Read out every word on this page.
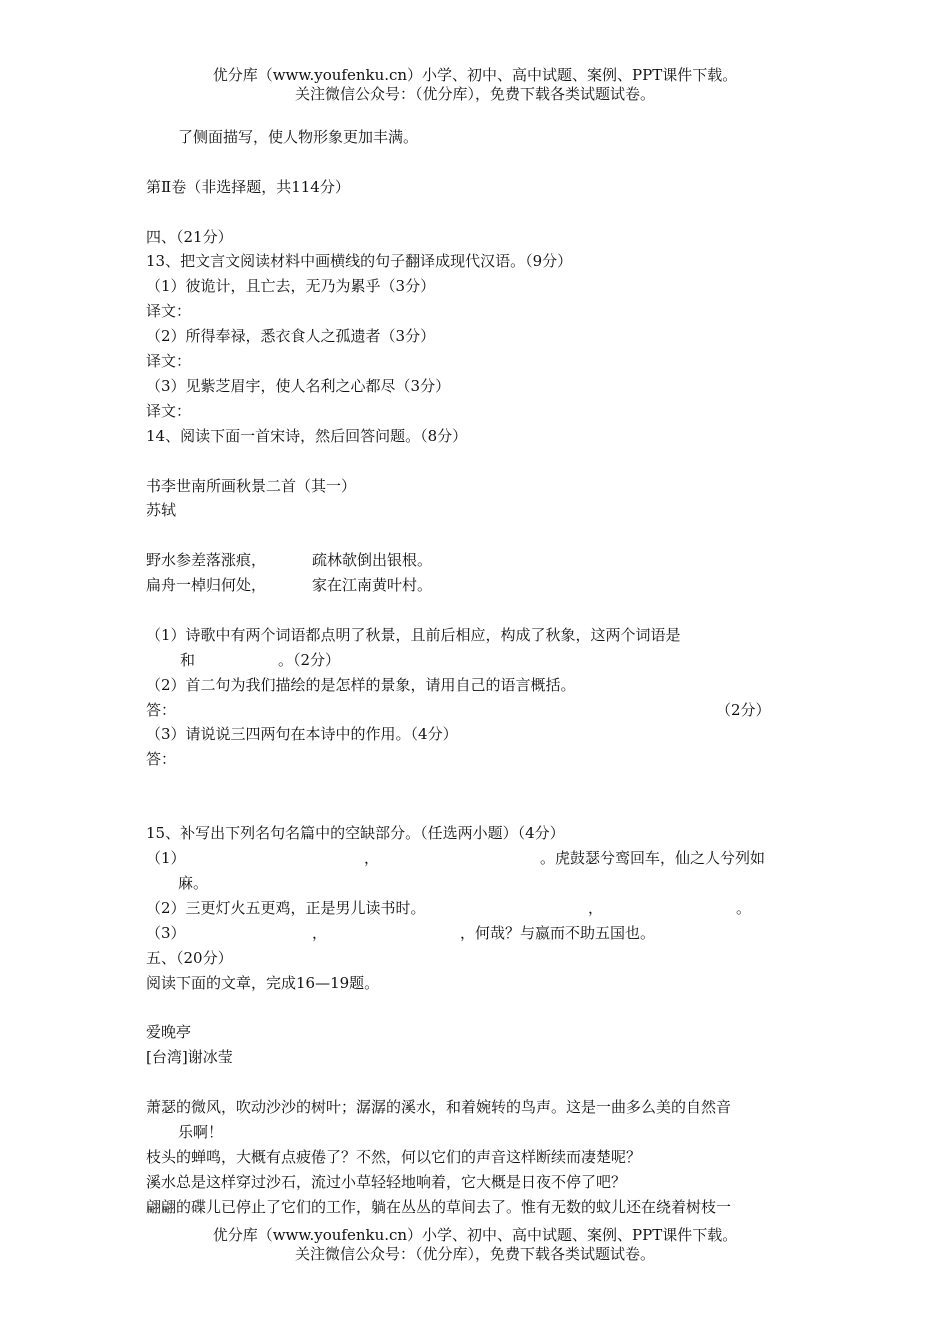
优分库（www.youfenku.cn）小学、初中、高中试题、案例、PPT课件下载。
关注微信公众号：（优分库），免费下载各类试题试卷。
了侧面描写，使人物形象更加丰满。
第Ⅱ卷（非选择题，共114分）
四、（21分）
13、把文言文阅读材料中画横线的句子翻译成现代汉语。（9分）
（1）彼诡计，且亡去，无乃为累乎（3分）
译文：
（2）所得奉禄，悉衣食人之孤遗者（3分）
译文：
（3）见紫芝眉宇，使人名利之心都尽（3分）
译文：
14、阅读下面一首宋诗，然后回答问题。（8分）
书李世南所画秋景二首（其一）
苏轼
野水参差落涨痕，	疏林欹倒出银根。
扁舟一棹归何处，	家在江南黄叶村。
（1）诗歌中有两个词语都点明了秋景，且前后相应，构成了秋象，这两个词语是
和	。（2分）
（2）首二句为我们描绘的是怎样的景象，请用自己的语言概括。
答：	（2分）
（3）请说说三四两句在本诗中的作用。（4分）
答：
15、补写出下列名句名篇中的空缺部分。（任选两小题）（4分）
（1）	，	。虎鼓瑟兮鸾回车，仙之人兮列如
麻。
（2）三更灯火五更鸡，正是男儿读书时。	，	。
（3）	，	，何哉？与嬴而不助五国也。
五、（20分）
阅读下面的文章，完成16—19题。
爱晚亭
[台湾]谢冰莹
萧瑟的微风，吹动沙沙的树叶；潺潺的溪水，和着婉转的鸟声。这是一曲多么美的自然音
乐啊！
枝头的蝉鸣，大概有点疲倦了？不然，何以它们的声音这样断续而凄楚呢？
溪水总是这样穿过沙石，流过小草轻轻地响着，它大概是日夜不停了吧？
翩翩的碟儿已停止了它们的工作，躺在丛丛的草间去了。惟有无数的蚊儿还在绕着树枝一
优分库（www.youfenku.cn）小学、初中、高中试题、案例、PPT课件下载。
关注微信公众号：（优分库），免费下载各类试题试卷。
